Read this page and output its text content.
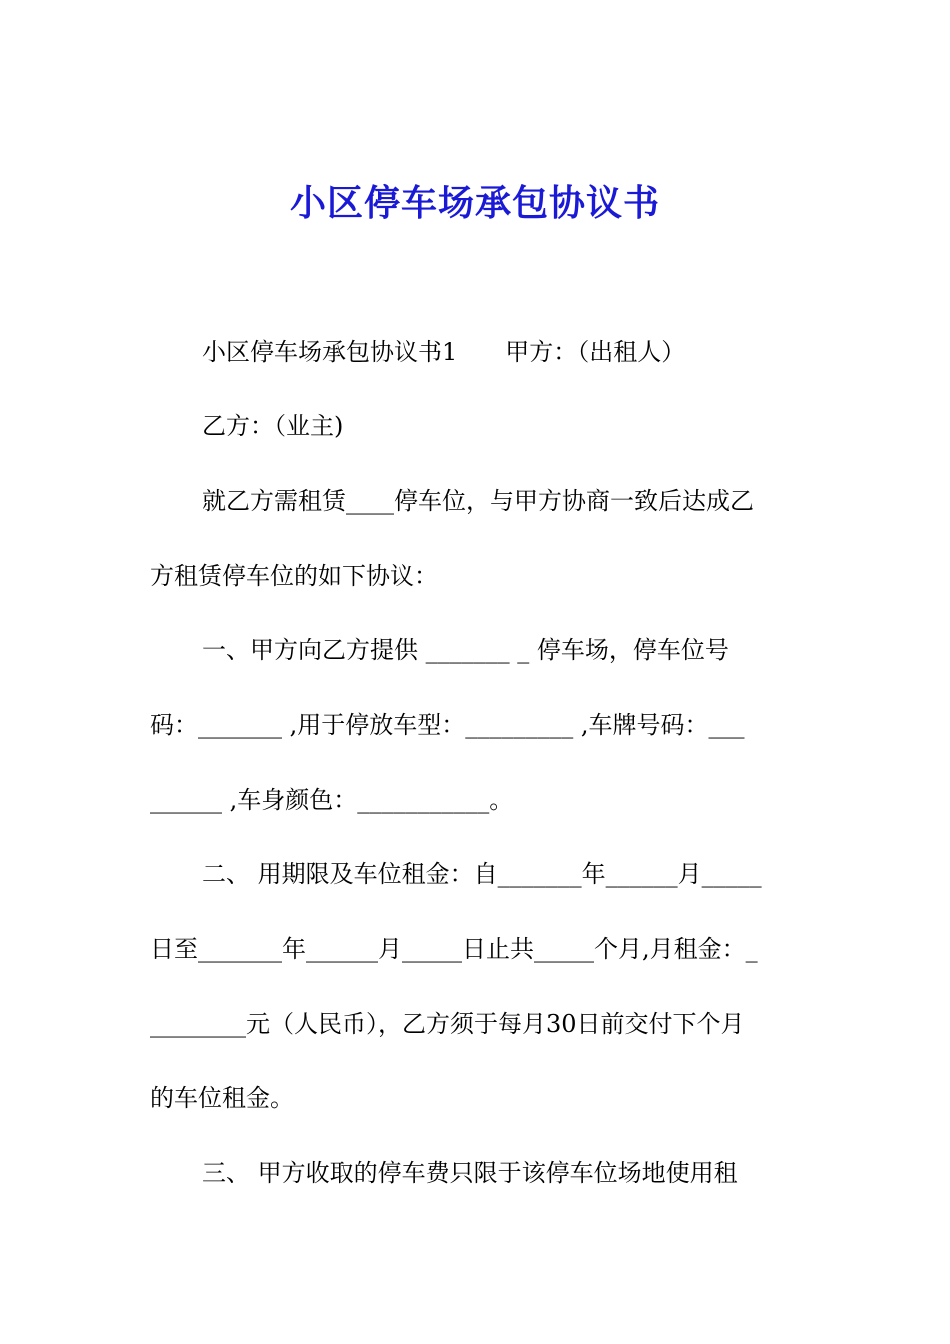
小区停车场承包协议书

小区停车场承包协议书1　　甲方：（出租人）

乙方：（业主)

就乙方需租赁____停车位，与甲方协商一致后达成乙

方租赁停车位的如下协议：

一、甲方向乙方提供 _______ _ 停车场，停车位号

码：_______ ,用于停放车型：_________ ,车牌号码：___

______ ,车身颜色：___________。

二、 用期限及车位租金：自_______年______月_____

日至_______年______月_____日止共_____个月,月租金：_

________元（人民币），乙方须于每月30日前交付下个月

的车位租金。

三、 甲方收取的停车费只限于该停车位场地使用租
